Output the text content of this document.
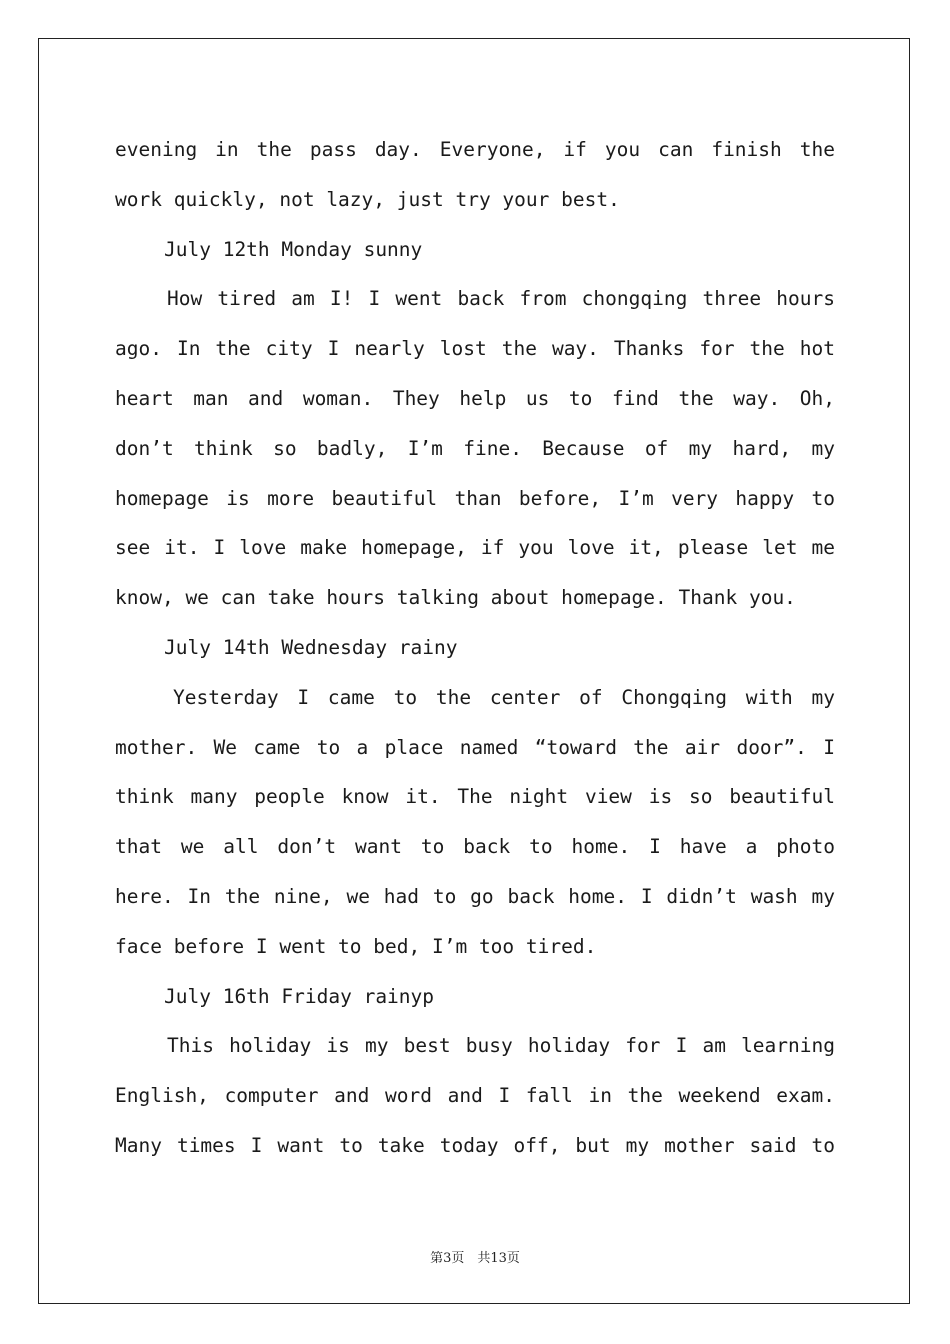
evening in the pass day. Everyone, if you can finish the
work quickly, not lazy, just try your best.
July 12th Monday sunny
How tired am I! I went back from chongqing three hours
ago. In the city I nearly lost the way. Thanks for the hot
heart man and woman. They help us to find the way. Oh,
don’t think so badly, I’m fine. Because of my hard, my
homepage is more beautiful than before, I’m very happy to
see it. I love make homepage, if you love it, please let me
know, we can take hours talking about homepage. Thank you.
July 14th Wednesday rainy
Yesterday I came to the center of Chongqing with my
mother. We came to a place named “toward the air door”. I
think many people know it. The night view is so beautiful
that we all don’t want to back to home. I have a photo
here. In the nine, we had to go back home. I didn’t wash my
face before I went to bed, I’m too tired.
July 16th Friday rainyp
This holiday is my best busy holiday for I am learning
English, computer and word and I fall in the weekend exam.
Many times I want to take today off, but my mother said to
第3页　共13页
